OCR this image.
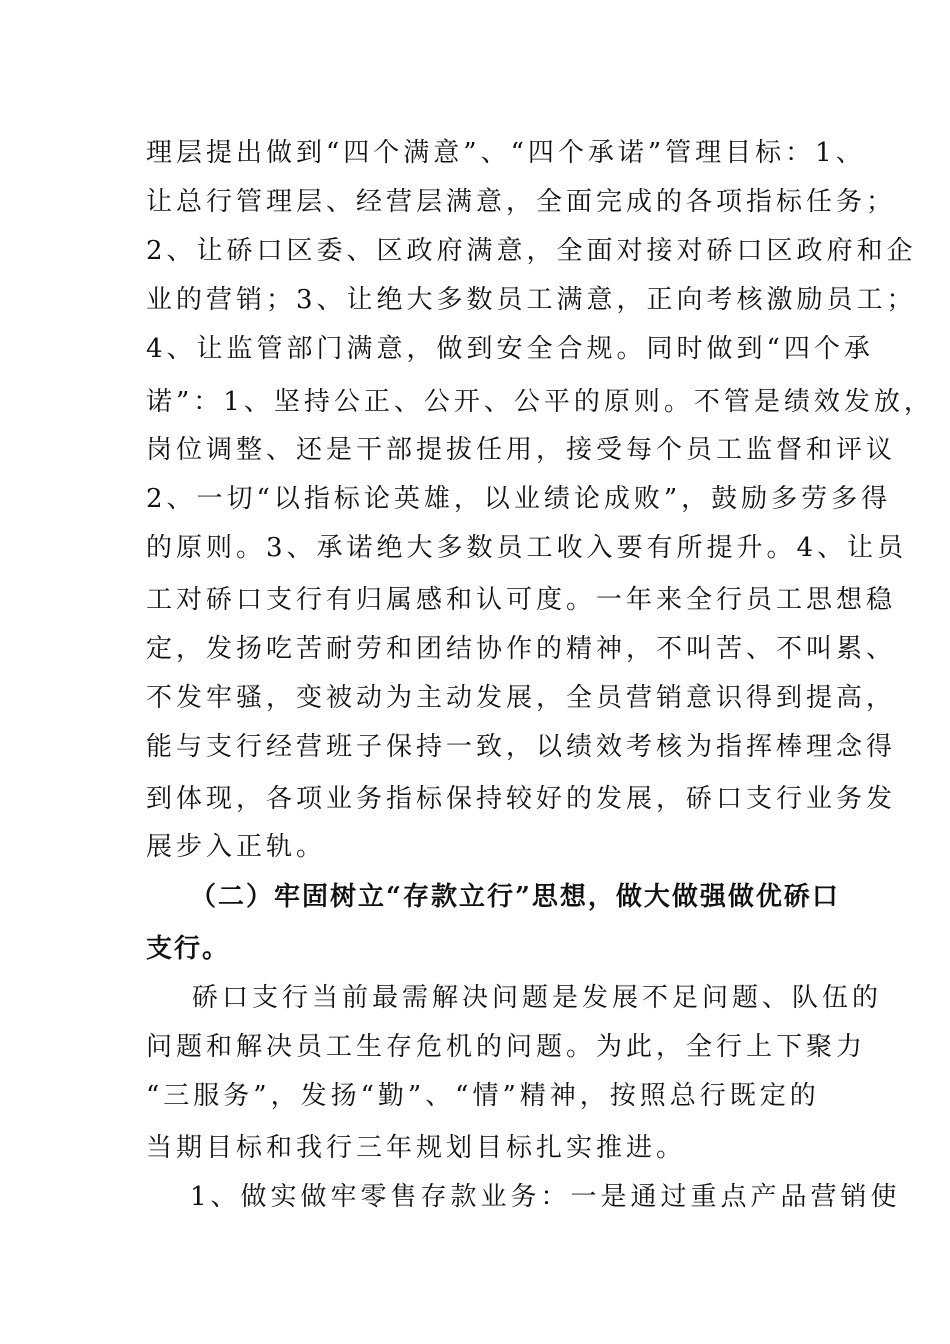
理层提出做到“四个满意”、“四个承诺”管理目标：1、
让总行管理层、经营层满意，全面完成的各项指标任务；
2、让硚口区委、区政府满意，全面对接对硚口区政府和企
业的营销；3、让绝大多数员工满意，正向考核激励员工；
4、让监管部门满意，做到安全合规。同时做到“四个承
诺”：1、坚持公正、公开、公平的原则。不管是绩效发放，
岗位调整、还是干部提拔任用，接受每个员工监督和评议
2、一切“以指标论英雄，以业绩论成败”，鼓励多劳多得
的原则。3、承诺绝大多数员工收入要有所提升。4、让员
工对硚口支行有归属感和认可度。一年来全行员工思想稳
定，发扬吃苦耐劳和团结协作的精神，不叫苦、不叫累、
不发牢骚，变被动为主动发展，全员营销意识得到提高，
能与支行经营班子保持一致，以绩效考核为指挥棒理念得
到体现，各项业务指标保持较好的发展，硚口支行业务发
展步入正轨。
（二）牢固树立“存款立行”思想，做大做强做优硚口
支行。
硚口支行当前最需解决问题是发展不足问题、队伍的
问题和解决员工生存危机的问题。为此，全行上下聚力
“三服务”，发扬“勤”、“情”精神，按照总行既定的
当期目标和我行三年规划目标扎实推进。
1、做实做牢零售存款业务：一是通过重点产品营销使
